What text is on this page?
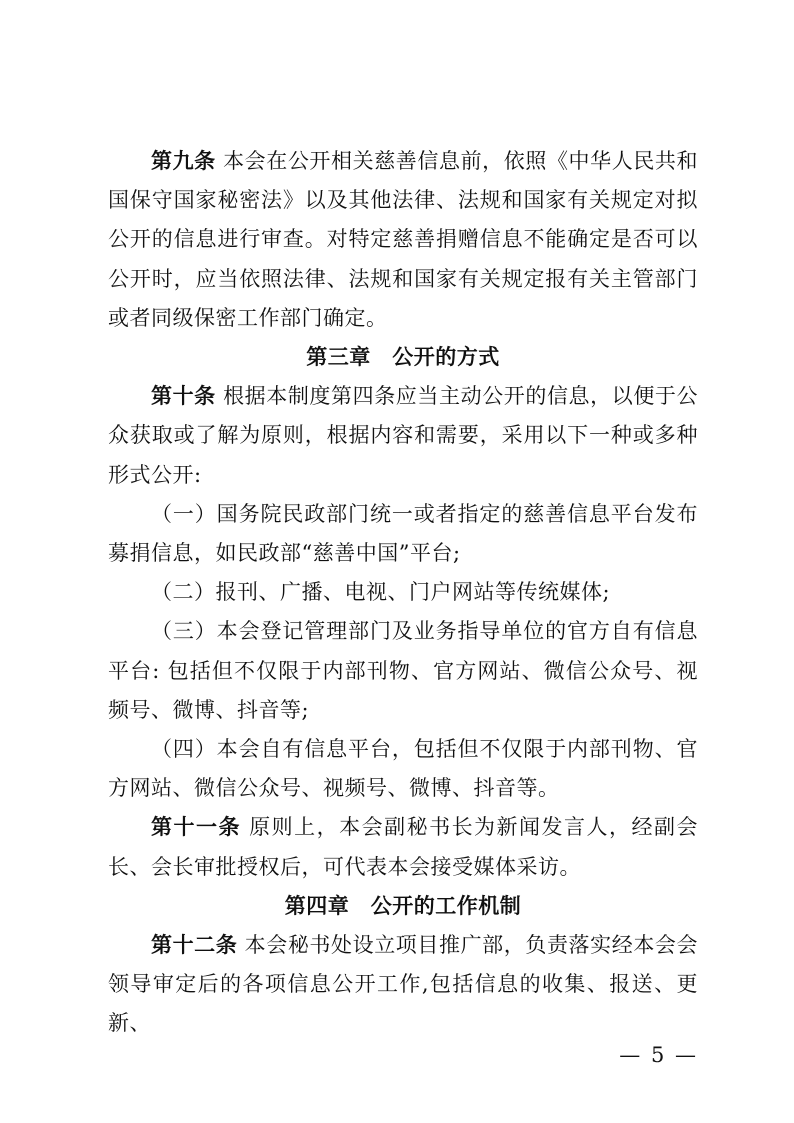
第九条 本会在公开相关慈善信息前，依照《中华人民共和国保守国家秘密法》以及其他法律、法规和国家有关规定对拟公开的信息进行审查。对特定慈善捐赠信息不能确定是否可以公开时，应当依照法律、法规和国家有关规定报有关主管部门或者同级保密工作部门确定。

第三章　公开的方式

第十条 根据本制度第四条应当主动公开的信息，以便于公众获取或了解为原则，根据内容和需要，采用以下一种或多种形式公开:

（一）国务院民政部门统一或者指定的慈善信息平台发布募捐信息，如民政部“慈善中国”平台;

（二）报刊、广播、电视、门户网站等传统媒体;

（三）本会登记管理部门及业务指导单位的官方自有信息平台: 包括但不仅限于内部刊物、官方网站、微信公众号、视频号、微博、抖音等;

（四）本会自有信息平台，包括但不仅限于内部刊物、官方网站、微信公众号、视频号、微博、抖音等。

第十一条 原则上，本会副秘书长为新闻发言人，经副会长、会长审批授权后，可代表本会接受媒体采访。

第四章　公开的工作机制

第十二条 本会秘书处设立项目推广部，负责落实经本会会领导审定后的各项信息公开工作,包括信息的收集、报送、更新、

— 5 —
